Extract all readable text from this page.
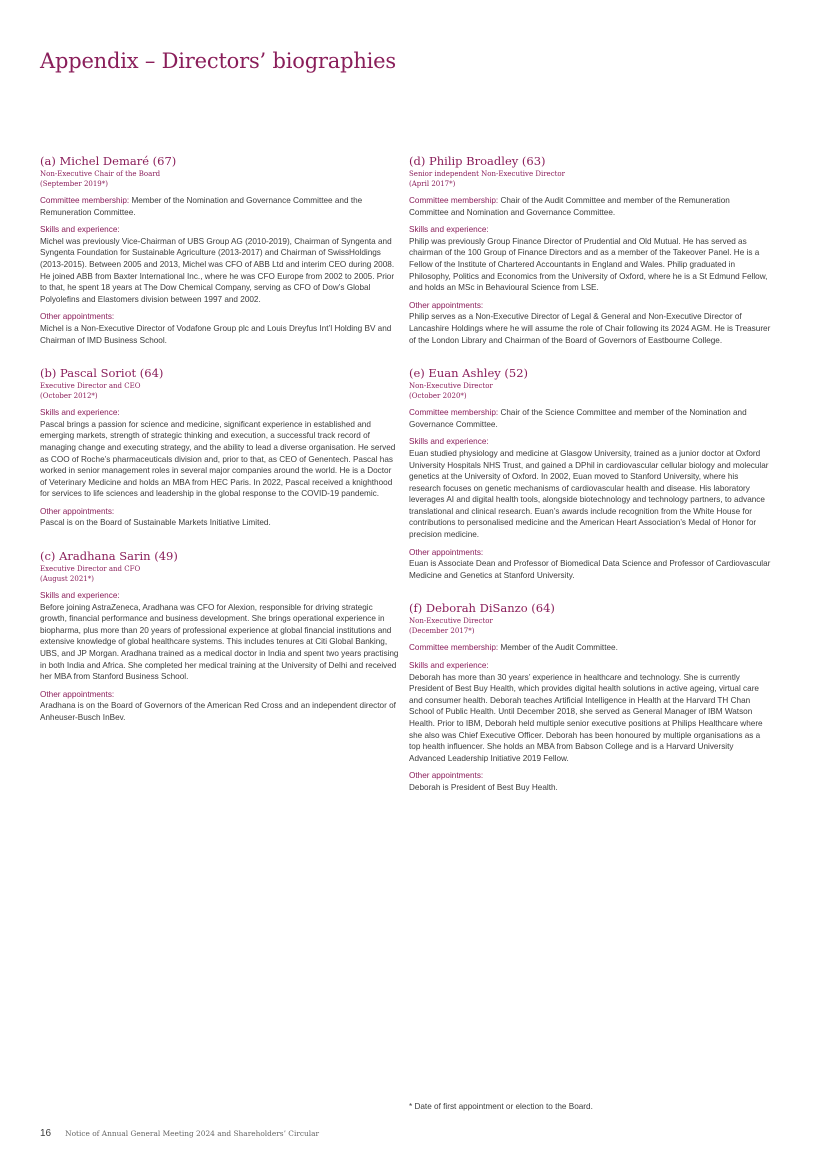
Appendix – Directors’ biographies
(a) Michel Demaré (67)

Non-Executive Chair of the Board

(September 2019*)

Committee membership: Member of the Nomination and Governance Committee and the Remuneration Committee.

Skills and experience:

Michel was previously Vice-Chairman of UBS Group AG (2010-2019), Chairman of Syngenta and Syngenta Foundation for Sustainable Agriculture (2013-2017) and Chairman of SwissHoldings (2013-2015). Between 2005 and 2013, Michel was CFO of ABB Ltd and interim CEO during 2008. He joined ABB from Baxter International Inc., where he was CFO Europe from 2002 to 2005. Prior to that, he spent 18 years at The Dow Chemical Company, serving as CFO of Dow’s Global Polyolefins and Elastomers division between 1997 and 2002.

Other appointments:

Michel is a Non-Executive Director of Vodafone Group plc and Louis Dreyfus Int’l Holding BV and Chairman of IMD Business School.

(b) Pascal Soriot (64)

Executive Director and CEO

(October 2012*)

Skills and experience:

Pascal brings a passion for science and medicine, significant experience in established and emerging markets, strength of strategic thinking and execution, a successful track record of managing change and executing strategy, and the ability to lead a diverse organisation. He served as COO of Roche’s pharmaceuticals division and, prior to that, as CEO of Genentech. Pascal has worked in senior management roles in several major companies around the world. He is a Doctor of Veterinary Medicine and holds an MBA from HEC Paris. In 2022, Pascal received a knighthood for services to life sciences and leadership in the global response to the COVID-19 pandemic.

Other appointments:

Pascal is on the Board of Sustainable Markets Initiative Limited.

(c) Aradhana Sarin (49)

Executive Director and CFO

(August 2021*)

Skills and experience:

Before joining AstraZeneca, Aradhana was CFO for Alexion, responsible for driving strategic growth, financial performance and business development. She brings operational experience in biopharma, plus more than 20 years of professional experience at global financial institutions and extensive knowledge of global healthcare systems. This includes tenures at Citi Global Banking, UBS, and JP Morgan. Aradhana trained as a medical doctor in India and spent two years practising in both India and Africa. She completed her medical training at the University of Delhi and received her MBA from Stanford Business School.

Other appointments:

Aradhana is on the Board of Governors of the American Red Cross and an independent director of Anheuser-Busch InBev.

(d) Philip Broadley (63)

Senior independent Non-Executive Director

(April 2017*)

Committee membership: Chair of the Audit Committee and member of the Remuneration Committee and Nomination and Governance Committee.

Skills and experience:

Philip was previously Group Finance Director of Prudential and Old Mutual. He has served as chairman of the 100 Group of Finance Directors and as a member of the Takeover Panel. He is a Fellow of the Institute of Chartered Accountants in England and Wales. Philip graduated in Philosophy, Politics and Economics from the University of Oxford, where he is a St Edmund Fellow, and holds an MSc in Behavioural Science from LSE.

Other appointments:

Philip serves as a Non-Executive Director of Legal & General and Non-Executive Director of Lancashire Holdings where he will assume the role of Chair following its 2024 AGM. He is Treasurer of the London Library and Chairman of the Board of Governors of Eastbourne College.

(e) Euan Ashley (52)

Non-Executive Director

(October 2020*)

Committee membership: Chair of the Science Committee and member of the Nomination and Governance Committee.

Skills and experience:

Euan studied physiology and medicine at Glasgow University, trained as a junior doctor at Oxford University Hospitals NHS Trust, and gained a DPhil in cardiovascular cellular biology and molecular genetics at the University of Oxford. In 2002, Euan moved to Stanford University, where his research focuses on genetic mechanisms of cardiovascular health and disease. His laboratory leverages AI and digital health tools, alongside biotechnology and technology partners, to advance translational and clinical research. Euan’s awards include recognition from the White House for contributions to personalised medicine and the American Heart Association’s Medal of Honor for precision medicine.

Other appointments:

Euan is Associate Dean and Professor of Biomedical Data Science and Professor of Cardiovascular Medicine and Genetics at Stanford University.

(f) Deborah DiSanzo (64)

Non-Executive Director

(December 2017*)

Committee membership: Member of the Audit Committee.

Skills and experience:

Deborah has more than 30 years’ experience in healthcare and technology. She is currently President of Best Buy Health, which provides digital health solutions in active ageing, virtual care and consumer health. Deborah teaches Artificial Intelligence in Health at the Harvard TH Chan School of Public Health. Until December 2018, she served as General Manager of IBM Watson Health. Prior to IBM, Deborah held multiple senior executive positions at Philips Healthcare where she also was Chief Executive Officer. Deborah has been honoured by multiple organisations as a top health influencer. She holds an MBA from Babson College and is a Harvard University Advanced Leadership Initiative 2019 Fellow.

Other appointments:

Deborah is President of Best Buy Health.

* Date of first appointment or election to the Board.

16 Notice of Annual General Meeting 2024 and Shareholders’ Circular
